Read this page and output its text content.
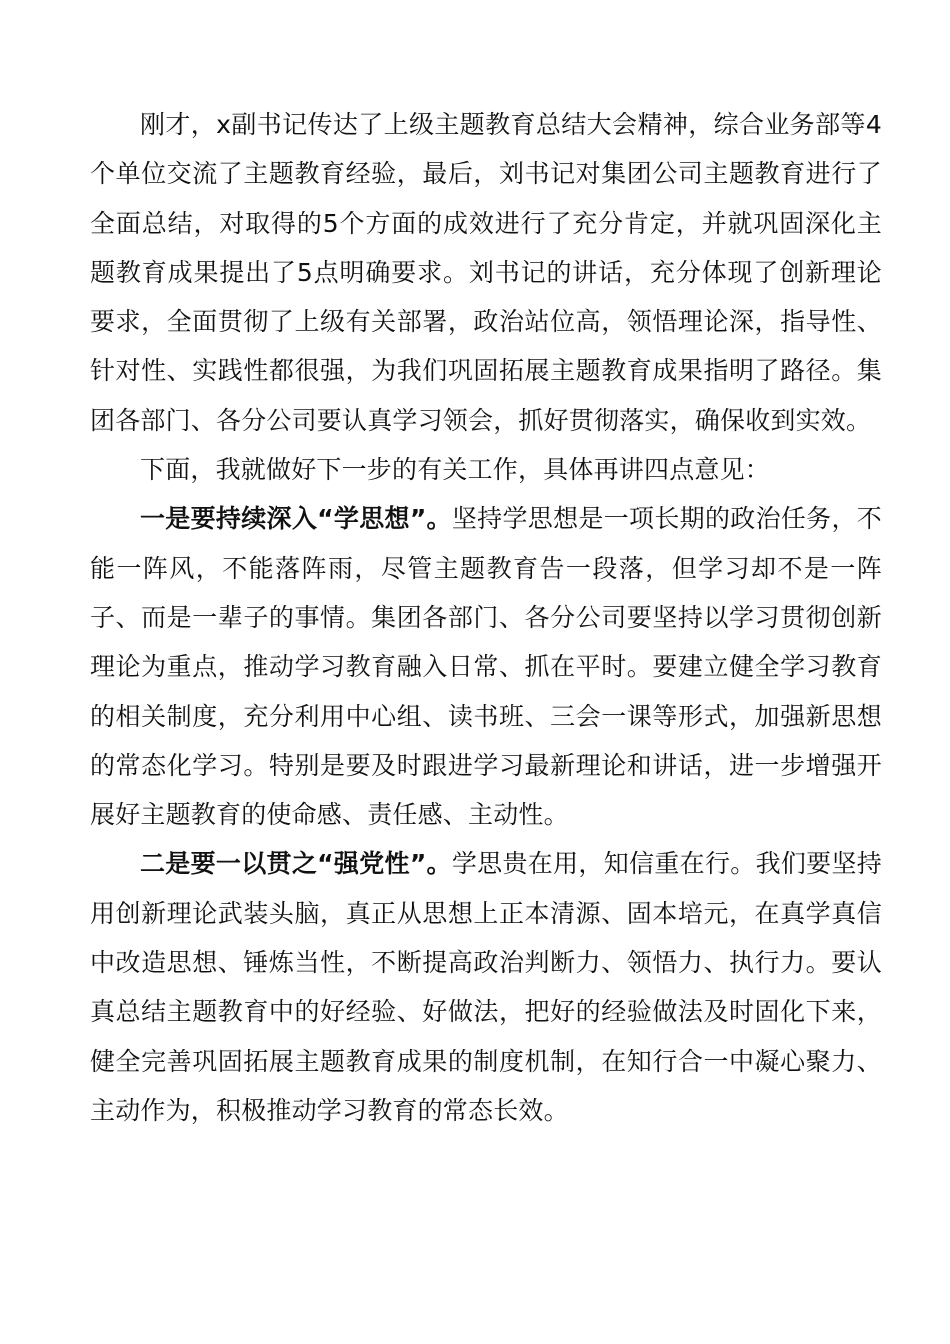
刚才，x副书记传达了上级主题教育总结大会精神，综合业务部等4个单位交流了主题教育经验，最后，刘书记对集团公司主题教育进行了全面总结，对取得的5个方面的成效进行了充分肯定，并就巩固深化主题教育成果提出了5点明确要求。刘书记的讲话，充分体现了创新理论要求，全面贯彻了上级有关部署，政治站位高，领悟理论深，指导性、针对性、实践性都很强，为我们巩固拓展主题教育成果指明了路径。集团各部门、各分公司要认真学习领会，抓好贯彻落实，确保收到实效。

下面，我就做好下一步的有关工作，具体再讲四点意见：

一是要持续深入“学思想”。坚持学思想是一项长期的政治任务，不能一阵风，不能落阵雨，尽管主题教育告一段落，但学习却不是一阵子、而是一辈子的事情。集团各部门、各分公司要坚持以学习贯彻创新理论为重点，推动学习教育融入日常、抓在平时。要建立健全学习教育的相关制度，充分利用中心组、读书班、三会一课等形式，加强新思想的常态化学习。特别是要及时跟进学习最新理论和讲话，进一步增强开展好主题教育的使命感、责任感、主动性。

二是要一以贯之“强党性”。学思贵在用，知信重在行。我们要坚持用创新理论武装头脑，真正从思想上正本清源、固本培元，在真学真信中改造思想、锤炼当性，不断提高政治判断力、领悟力、执行力。要认真总结主题教育中的好经验、好做法，把好的经验做法及时固化下来，健全完善巩固拓展主题教育成果的制度机制，在知行合一中凝心聚力、主动作为，积极推动学习教育的常态长效。
